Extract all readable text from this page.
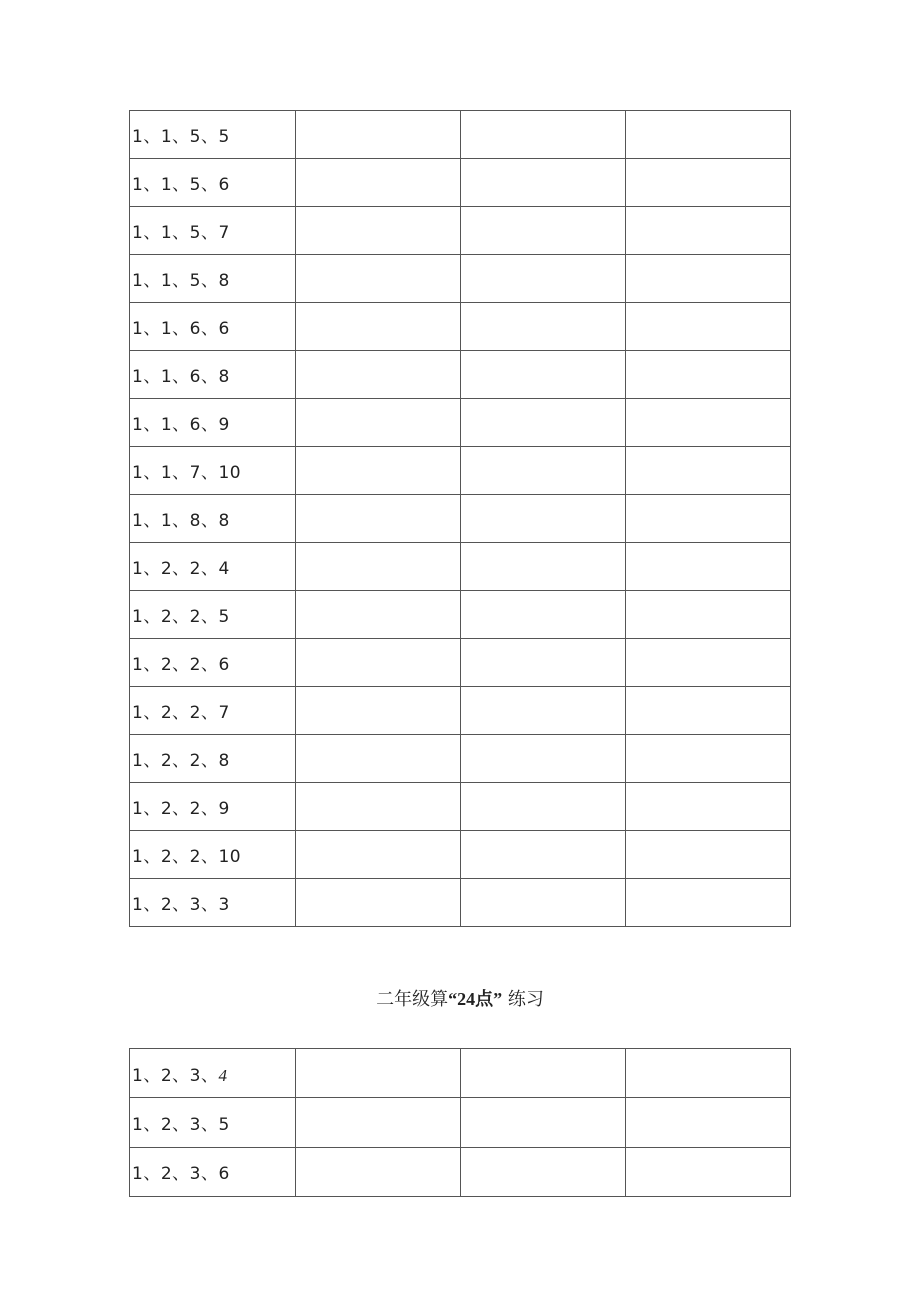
1、1、5、5			
1、1、5、6			
1、1、5、7			
1、1、5、8			
1、1、6、6			
1、1、6、8			
1、1、6、9			
1、1、7、10			
1、1、8、8			
1、2、2、4			
1、2、2、5			
1、2、2、6			
1、2、2、7			
1、2、2、8			
1、2、2、9			
1、2、2、10			
1、2、3、3			
二年级算“24点” 练习
1、2、3、4			
1、2、3、5			
1、2、3、6			
